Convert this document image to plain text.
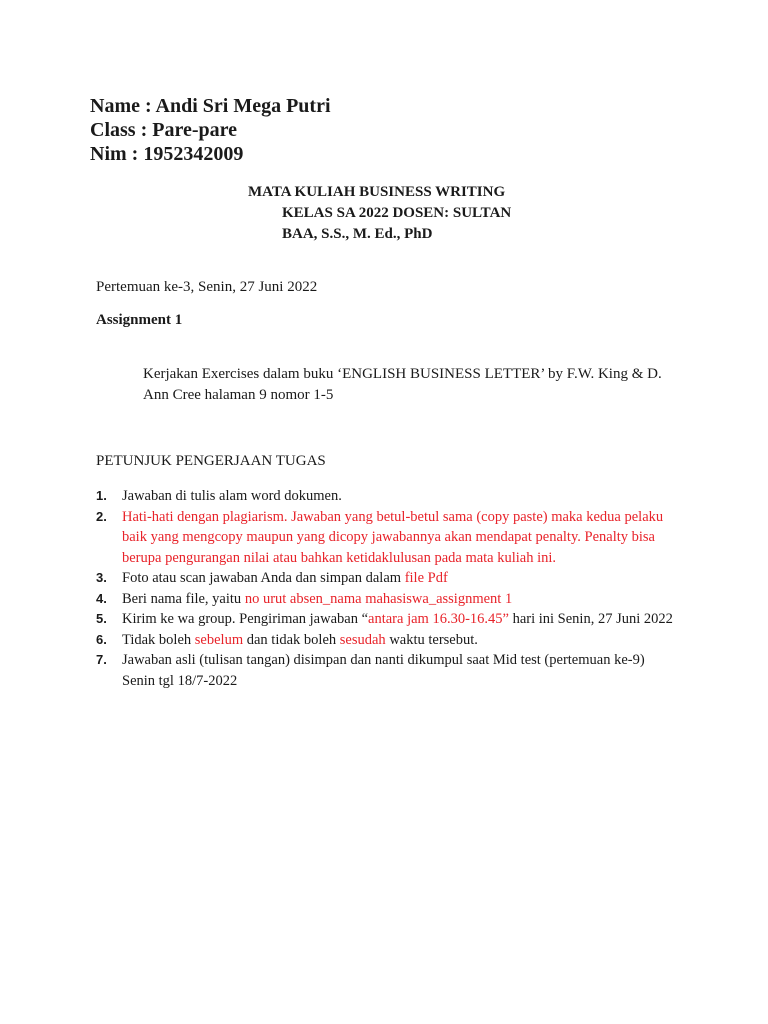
Name : Andi Sri Mega Putri
Class : Pare-pare
Nim : 1952342009
MATA KULIAH BUSINESS WRITING
KELAS SA 2022 DOSEN: SULTAN
BAA, S.S., M. Ed., PhD
Pertemuan ke-3, Senin, 27 Juni 2022
Assignment 1
Kerjakan Exercises dalam buku ‘ENGLISH BUSINESS LETTER’ by F.W. King & D. Ann Cree halaman 9 nomor 1-5
PETUNJUK PENGERJAAN TUGAS
1. Jawaban di tulis alam word dokumen.
2. Hati-hati dengan plagiarism. Jawaban yang betul-betul sama (copy paste) maka kedua pelaku baik yang mengcopy maupun yang dicopy jawabannya akan mendapat penalty. Penalty bisa berupa pengurangan nilai atau bahkan ketidaklulusan pada mata kuliah ini.
3. Foto atau scan jawaban Anda dan simpan dalam file Pdf
4. Beri nama file, yaitu no urut absen_nama mahasiswa_assignment 1
5. Kirim ke wa group. Pengiriman jawaban “antara jam 16.30-16.45” hari ini Senin, 27 Juni 2022
6. Tidak boleh sebelum dan tidak boleh sesudah waktu tersebut.
7. Jawaban asli (tulisan tangan) disimpan dan nanti dikumpul saat Mid test (pertemuan ke-9) Senin tgl 18/7-2022
